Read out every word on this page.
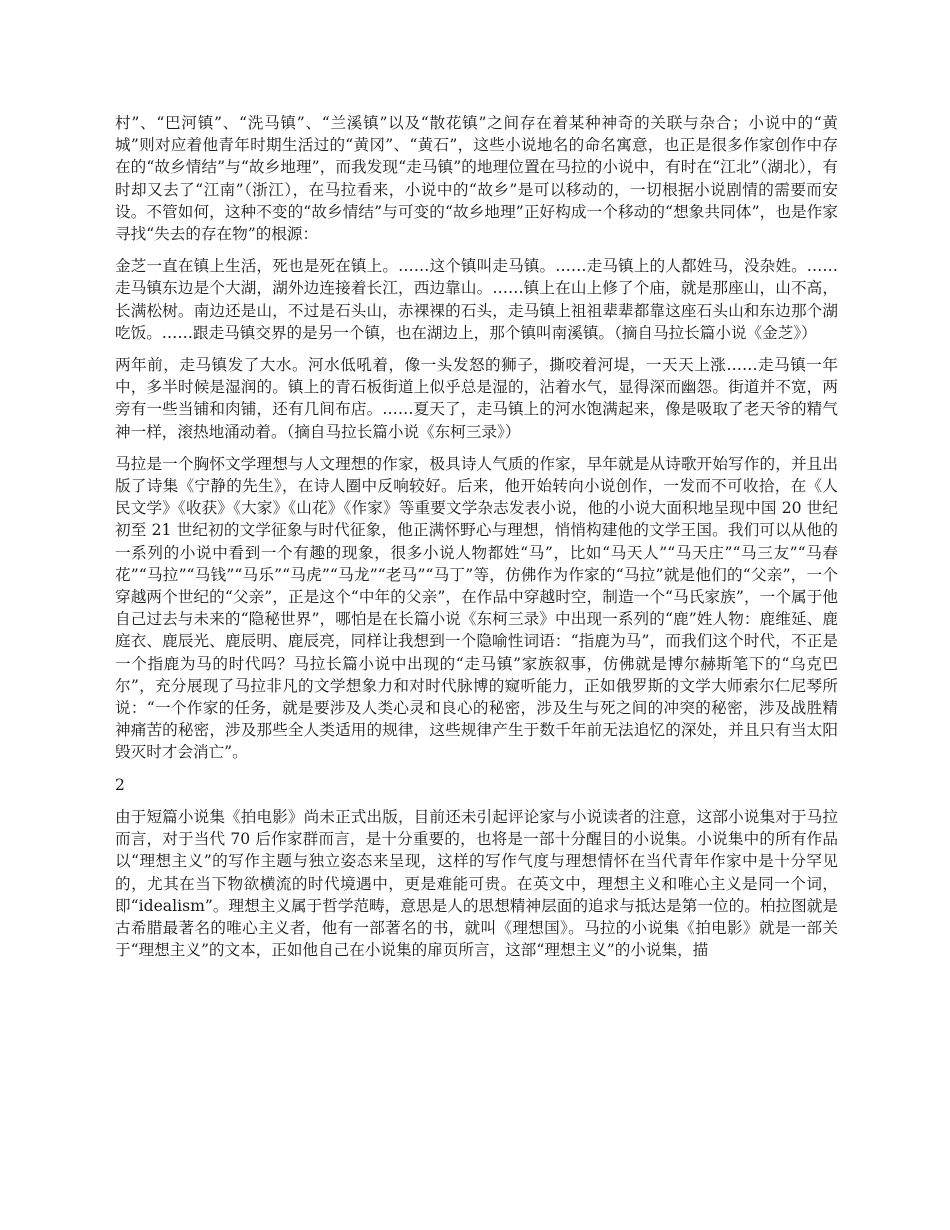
村”、“巴河镇”、“洗马镇”、“兰溪镇”以及“散花镇”之间存在着某种神奇的关联与杂合；小说中的“黄城”则对应着他青年时期生活过的“黄冈”、“黄石”，这些小说地名的命名寓意，也正是很多作家创作中存在的“故乡情结”与“故乡地理”，而我发现“走马镇”的地理位置在马拉的小说中，有时在“江北”（湖北），有时却又去了“江南”（浙江），在马拉看来，小说中的“故乡”是可以移动的，一切根据小说剧情的需要而安设。不管如何，这种不变的“故乡情结”与可变的“故乡地理”正好构成一个移动的“想象共同体”，也是作家寻找“失去的存在物”的根源：

金芝一直在镇上生活，死也是死在镇上。……这个镇叫走马镇。……走马镇上的人都姓马，没杂姓。……走马镇东边是个大湖，湖外边连接着长江，西边靠山。……镇上在山上修了个庙，就是那座山，山不高，长满松树。南边还是山，不过是石头山，赤裸裸的石头，走马镇上祖祖辈辈都靠这座石头山和东边那个湖吃饭。……跟走马镇交界的是另一个镇，也在湖边上，那个镇叫南溪镇。（摘自马拉长篇小说《金芝》）

两年前，走马镇发了大水。河水低吼着，像一头发怒的狮子，撕咬着河堤，一天天上涨……走马镇一年中，多半时候是湿润的。镇上的青石板街道上似乎总是湿的，沾着水气，显得深而幽怨。街道并不宽，两旁有一些当铺和肉铺，还有几间布店。……夏天了，走马镇上的河水饱满起来，像是吸取了老天爷的精气神一样，滚热地涌动着。（摘自马拉长篇小说《东柯三录》）

马拉是一个胸怀文学理想与人文理想的作家，极具诗人气质的作家，早年就是从诗歌开始写作的，并且出版了诗集《宁静的先生》，在诗人圈中反响较好。后来，他开始转向小说创作，一发而不可收拾，在《人民文学》《收获》《大家》《山花》《作家》等重要文学杂志发表小说，他的小说大面积地呈现中国 20 世纪初至 21 世纪初的文学征象与时代征象，他正满怀野心与理想，悄悄构建他的文学王国。我们可以从他的一系列的小说中看到一个有趣的现象，很多小说人物都姓“马”，比如“马天人”“马天庄”“马三友”“马春花”“马拉”“马钱”“马乐”“马虎”“马龙”“老马”“马丁”等，仿佛作为作家的“马拉”就是他们的“父亲”，一个穿越两个世纪的“父亲”，正是这个“中年的父亲”，在作品中穿越时空，制造一个“马氏家族”，一个属于他自己过去与未来的“隐秘世界”，哪怕是在长篇小说《东柯三录》中出现一系列的“鹿”姓人物：鹿维延、鹿庭衣、鹿辰光、鹿辰明、鹿辰亮，同样让我想到一个隐喻性词语：“指鹿为马”，而我们这个时代，不正是一个指鹿为马的时代吗？马拉长篇小说中出现的“走马镇”家族叙事，仿佛就是博尔赫斯笔下的“乌克巴尔”，充分展现了马拉非凡的文学想象力和对时代脉博的窥听能力，正如俄罗斯的文学大师索尔仁尼琴所说：“一个作家的任务，就是要涉及人类心灵和良心的秘密，涉及生与死之间的冲突的秘密，涉及战胜精神痛苦的秘密，涉及那些全人类适用的规律，这些规律产生于数千年前无法追忆的深处，并且只有当太阳毁灭时才会消亡”。

2

由于短篇小说集《拍电影》尚未正式出版，目前还未引起评论家与小说读者的注意，这部小说集对于马拉而言，对于当代 70 后作家群而言，是十分重要的，也将是一部十分醒目的小说集。小说集中的所有作品以“理想主义”的写作主题与独立姿态来呈现，这样的写作气度与理想情怀在当代青年作家中是十分罕见的，尤其在当下物欲横流的时代境遇中，更是难能可贵。在英文中，理想主义和唯心主义是同一个词，即“idealism”。理想主义属于哲学范畴，意思是人的思想精神层面的追求与抵达是第一位的。柏拉图就是古希腊最著名的唯心主义者，他有一部著名的书，就叫《理想国》。马拉的小说集《拍电影》就是一部关于“理想主义”的文本，正如他自己在小说集的扉页所言，这部“理想主义”的小说集，描
